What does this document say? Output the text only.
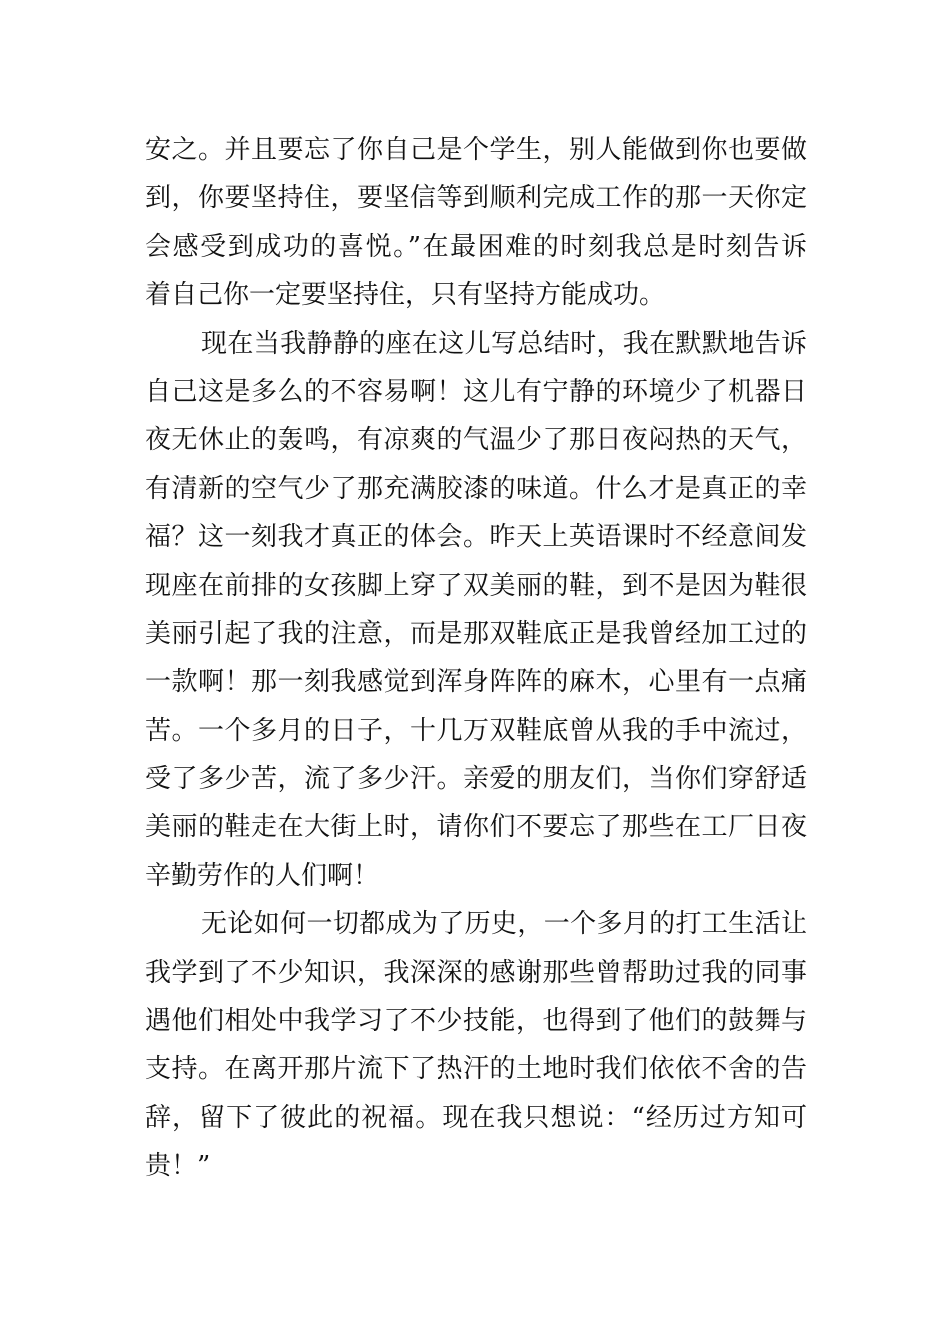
安之。并且要忘了你自己是个学生，别人能做到你也要做
到，你要坚持住，要坚信等到顺利完成工作的那一天你定
会感受到成功的喜悦。”在最困难的时刻我总是时刻告诉
着自己你一定要坚持住，只有坚持方能成功。
现在当我静静的座在这儿写总结时，我在默默地告诉
自己这是多么的不容易啊！这儿有宁静的环境少了机器日
夜无休止的轰鸣，有凉爽的气温少了那日夜闷热的天气，
有清新的空气少了那充满胶漆的味道。什么才是真正的幸
福？这一刻我才真正的体会。昨天上英语课时不经意间发
现座在前排的女孩脚上穿了双美丽的鞋，到不是因为鞋很
美丽引起了我的注意，而是那双鞋底正是我曾经加工过的
一款啊！那一刻我感觉到浑身阵阵的麻木，心里有一点痛
苦。一个多月的日子，十几万双鞋底曾从我的手中流过，
受了多少苦，流了多少汗。亲爱的朋友们，当你们穿舒适
美丽的鞋走在大街上时，请你们不要忘了那些在工厂日夜
辛勤劳作的人们啊！
无论如何一切都成为了历史，一个多月的打工生活让
我学到了不少知识，我深深的感谢那些曾帮助过我的同事
遇他们相处中我学习了不少技能，也得到了他们的鼓舞与
支持。在离开那片流下了热汗的土地时我们依依不舍的告
辞，留下了彼此的祝福。现在我只想说：“经历过方知可
贵！”
